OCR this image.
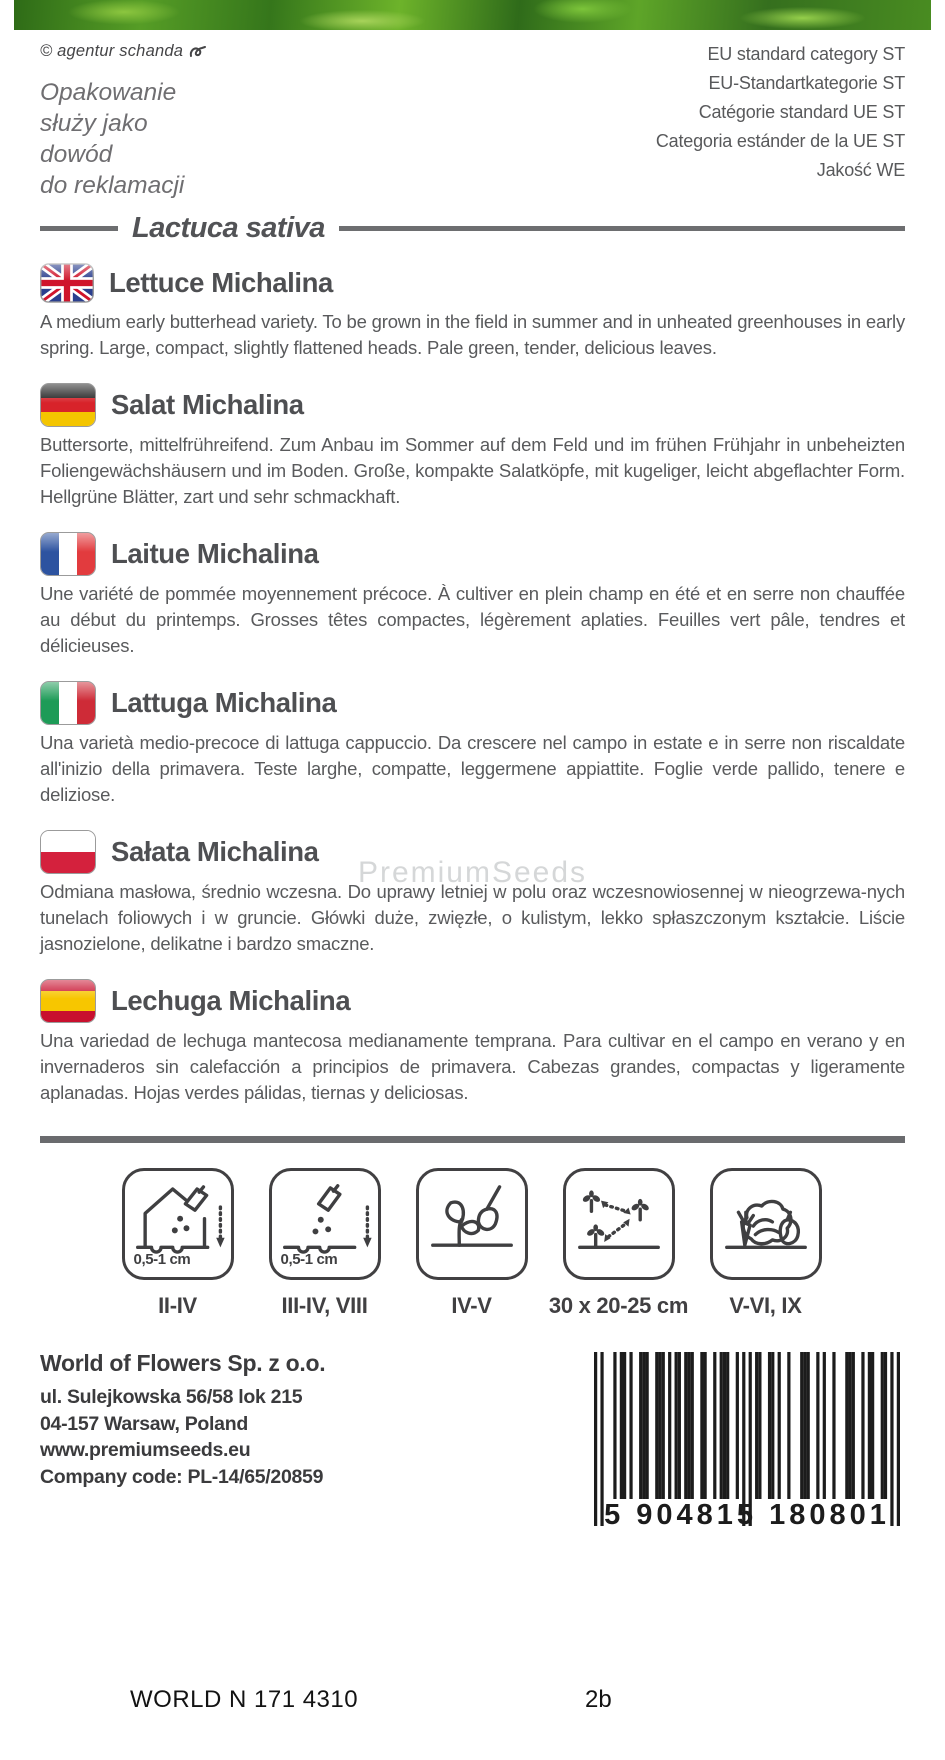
© agentur schanda
Opakowanie
służy jako
dowód
do reklamacji
EU standard category ST
EU-Standartkategorie ST
Catégorie standard UE ST
Categoria estánder de la UE ST
Jakość WE
Lactuca sativa
Lettuce Michalina
A medium early butterhead variety. To be grown in the field in summer and in unheated greenhouses in early spring. Large, compact, slightly flattened heads. Pale green, tender, delicious leaves.
Salat Michalina
Buttersorte, mittelfrühreifend. Zum Anbau im Sommer auf dem Feld und im frühen Frühjahr in unbeheizten Foliengewächshäusern und im Boden. Große, kompakte Salatköpfe, mit kugeliger, leicht abgeflachter Form. Hellgrüne Blätter, zart und sehr schmackhaft.
Laitue Michalina
Une variété de pommée moyennement précoce. À cultiver en plein champ en été et en serre non chauffée au début du printemps. Grosses têtes compactes, légèrement aplaties. Feuilles vert pâle, tendres et délicieuses.
Lattuga Michalina
Una varietà medio-precoce di lattuga cappuccio. Da crescere nel campo in estate e in serre non riscaldate all'inizio della primavera. Teste larghe, compatte, leggermene appiattite. Foglie verde pallido, tenere e deliziose.
Sałata Michalina
Odmiana masłowa, średnio wczesna. Do uprawy letniej w polu oraz wczesnowiosennej w nieogrzewa-nych tunelach foliowych i w gruncie. Główki duże, zwięzłe, o kulistym, lekko spłaszczonym kształcie. Liście jasnozielone, delikatne i bardzo smaczne.
Lechuga Michalina
Una variedad de lechuga mantecosa medianamente temprana. Para cultivar en el campo en verano y en invernaderos sin calefacción a principios de primavera. Cabezas grandes, compactas y ligeramente aplanadas. Hojas verdes pálidas, tiernas y deliciosas.
PremiumSeeds
0,5-1 cm
II-IV
0,5-1 cm
III-IV, VIII	IV-V	30 x 20-25 cm V-VI, IX
World of Flowers Sp. z o.o.
ul. Sulejkowska 56/58 lok 215
04-157 Warsaw, Poland
www.premiumseeds.eu
Company code: PL-14/65/20859
5 904815 180801
WORLD N 171 4310	2b
